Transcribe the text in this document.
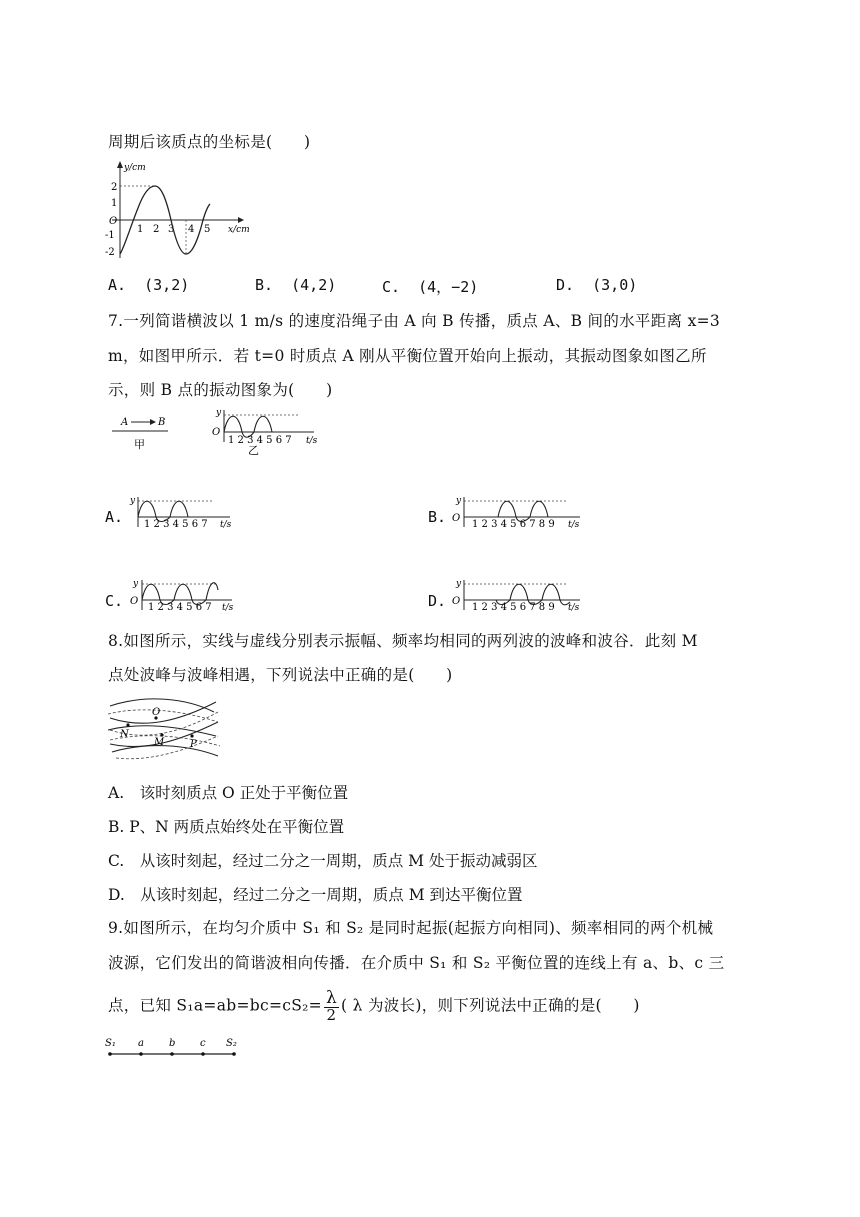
周期后该质点的坐标是(　　)
y/cm
x/cm
O
2
1
-1
-2
1 2 3 4 5
A. (3,2)	B. (4,2)	C. (4，−2)	D. (3,0)
7.一列简谐横波以 1 m/s 的速度沿绳子由 A 向 B 传播，质点 A、B 间的水平距离 x=3
m，如图甲所示．若 t=0 时质点 A 刚从平衡位置开始向上振动，其振动图象如图乙所
示，则 B 点的振动图象为(　　)
A	B
甲
y
O
1 2 3 4 5 6 7 t/s
乙
A.
y
1 2 3 4 5 6 7 t/s	B.
y
O
1 2 3 4 5 6 7 8 9 t/s
C.
y
O
1 2 3 4 5 6 7 t/s	D.
y
O
1 2 3 4 5 6 7 8 9 t/s
8.如图所示，实线与虚线分别表示振幅、频率均相同的两列波的波峰和波谷．此刻 M
点处波峰与波峰相遇，下列说法中正确的是(　　)
O
N
M	P
A.　该时刻质点 O 正处于平衡位置
B. P、N 两质点始终处在平衡位置
C.　从该时刻起，经过二分之一周期，质点 M 处于振动减弱区
D.　从该时刻起，经过二分之一周期，质点 M 到达平衡位置
9.如图所示，在均匀介质中 S₁ 和 S₂ 是同时起振(起振方向相同)、频率相同的两个机械
波源，它们发出的简谐波相向传播．在介质中 S₁ 和 S₂ 平衡位置的连线上有 a、b、c 三
点，已知 $S_1a=ab=bc=cS_2= \frac{\lambda}{2}$ ( λ 为波长)，则下列说法中正确的是(　　)
S₁ a	b c S₂
